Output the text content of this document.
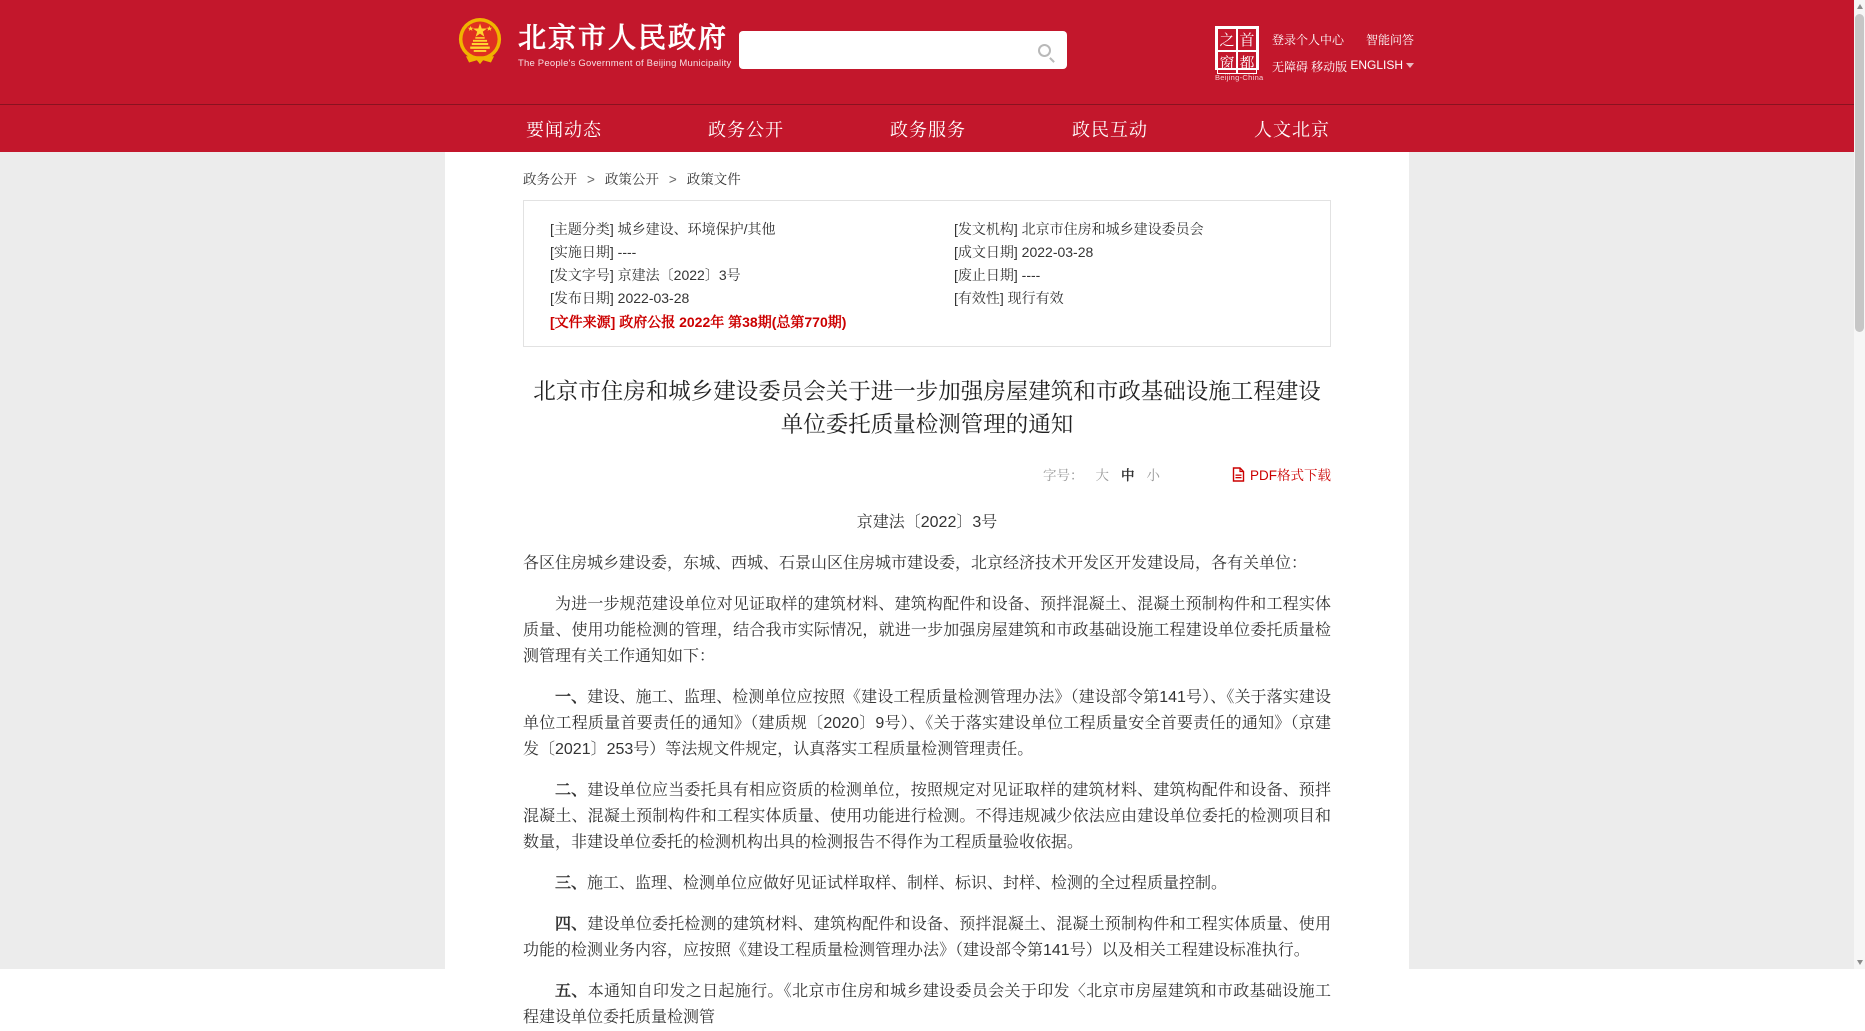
北京市人民政府
The People's Government of Beijing Municipality
之 首
窗 都
Beijing-China
登录个人中心 智能问答
无障碍 移动版 ENGLISH
要闻动态	政务公开	政务服务	政民互动	人文北京
政务公开 > 政策公开 > 政策文件
[主题分类] 城乡建设、环境保护/其他
[实施日期] ----
[发文字号] 京建法〔2022〕3号
[发布日期] 2022-03-28
[文件来源] 政府公报 2022年 第38期(总第770期)
[发文机构] 北京市住房和城乡建设委员会
[成文日期] 2022-03-28
[废止日期] ----
[有效性] 现行有效
北京市住房和城乡建设委员会关于进一步加强房屋建筑和市政基础设施工程建设单位委托质量检测管理的通知
字号： 大 中 小	PDF格式下载
京建法〔2022〕3号

各区住房城乡建设委，东城、西城、石景山区住房城市建设委，北京经济技术开发区开发建设局，各有关单位：

为进一步规范建设单位对见证取样的建筑材料、建筑构配件和设备、预拌混凝土、混凝土预制构件和工程实体质量、使用功能检测的管理，结合我市实际情况，就进一步加强房屋建筑和市政基础设施工程建设单位委托质量检测管理有关工作通知如下：

一、建设、施工、监理、检测单位应按照《建设工程质量检测管理办法》（建设部令第141号）、《关于落实建设单位工程质量首要责任的通知》（建质规〔2020〕9号）、《关于落实建设单位工程质量安全首要责任的通知》（京建发〔2021〕253号）等法规文件规定，认真落实工程质量检测管理责任。

二、建设单位应当委托具有相应资质的检测单位，按照规定对见证取样的建筑材料、建筑构配件和设备、预拌混凝土、混凝土预制构件和工程实体质量、使用功能进行检测。不得违规减少依法应由建设单位委托的检测项目和数量，非建设单位委托的检测机构出具的检测报告不得作为工程质量验收依据。

三、施工、监理、检测单位应做好见证试样取样、制样、标识、封样、检测的全过程质量控制。

四、建设单位委托检测的建筑材料、建筑构配件和设备、预拌混凝土、混凝土预制构件和工程实体质量、使用功能的检测业务内容，应按照《建设工程质量检测管理办法》（建设部令第141号）以及相关工程建设标准执行。

五、本通知自印发之日起施行。《北京市住房和城乡建设委员会关于印发〈北京市房屋建筑和市政基础设施工程建设单位委托质量检测管
